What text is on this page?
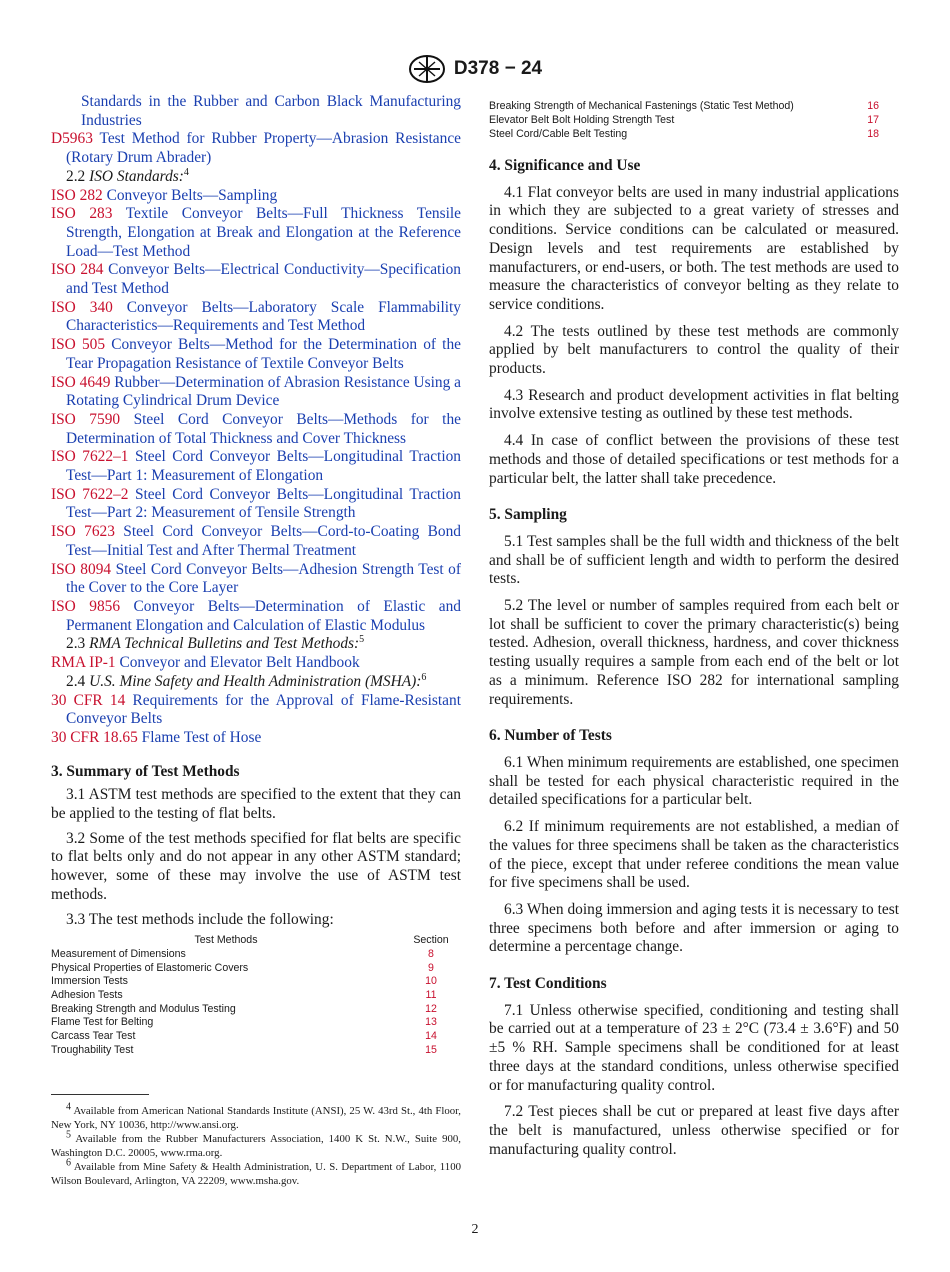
D378 − 24

Standards in the Rubber and Carbon Black Manufacturing Industries

D5963 Test Method for Rubber Property—Abrasion Resistance (Rotary Drum Abrader)

2.2 ISO Standards:$^4$

ISO 282 Conveyor Belts—Sampling

ISO 283 Textile Conveyor Belts—Full Thickness Tensile Strength, Elongation at Break and Elongation at the Reference Load—Test Method

ISO 284 Conveyor Belts—Electrical Conductivity—Specification and Test Method

ISO 340 Conveyor Belts—Laboratory Scale Flammability Characteristics—Requirements and Test Method

ISO 505 Conveyor Belts—Method for the Determination of the Tear Propagation Resistance of Textile Conveyor Belts

ISO 4649 Rubber—Determination of Abrasion Resistance Using a Rotating Cylindrical Drum Device

ISO 7590 Steel Cord Conveyor Belts—Methods for the Determination of Total Thickness and Cover Thickness

ISO 7622–1 Steel Cord Conveyor Belts—Longitudinal Traction Test—Part 1: Measurement of Elongation

ISO 7622–2 Steel Cord Conveyor Belts—Longitudinal Traction Test—Part 2: Measurement of Tensile Strength

ISO 7623 Steel Cord Conveyor Belts—Cord-to-Coating Bond Test—Initial Test and After Thermal Treatment

ISO 8094 Steel Cord Conveyor Belts—Adhesion Strength Test of the Cover to the Core Layer

ISO 9856 Conveyor Belts—Determination of Elastic and Permanent Elongation and Calculation of Elastic Modulus

2.3 RMA Technical Bulletins and Test Methods:$^5$

RMA IP-1 Conveyor and Elevator Belt Handbook

2.4 U.S. Mine Safety and Health Administration (MSHA):$^6$

30 CFR 14 Requirements for the Approval of Flame-Resistant Conveyor Belts

30 CFR 18.65 Flame Test of Hose

3. Summary of Test Methods

3.1 ASTM test methods are specified to the extent that they can be applied to the testing of flat belts.

3.2 Some of the test methods specified for flat belts are specific to flat belts only and do not appear in any other ASTM standard; however, some of these may involve the use of ASTM test methods.

3.3 The test methods include the following:

Test Methods	Section
Measurement of Dimensions	8
Physical Properties of Elastomeric Covers	9
Immersion Tests	10
Adhesion Tests	11
Breaking Strength and Modulus Testing	12
Flame Test for Belting	13
Carcass Tear Test	14
Troughability Test	15
Breaking Strength of Mechanical Fastenings (Static Test Method)	16
Elevator Belt Bolt Holding Strength Test	17
Steel Cord/Cable Belt Testing	18
4. Significance and Use

4.1 Flat conveyor belts are used in many industrial applications in which they are subjected to a great variety of stresses and conditions. Service conditions can be calculated or measured. Design levels and test requirements are established by manufacturers, or end-users, or both. The test methods are used to measure the characteristics of conveyor belting as they relate to service conditions.

4.2 The tests outlined by these test methods are commonly applied by belt manufacturers to control the quality of their products.

4.3 Research and product development activities in flat belting involve extensive testing as outlined by these test methods.

4.4 In case of conflict between the provisions of these test methods and those of detailed specifications or test methods for a particular belt, the latter shall take precedence.

5. Sampling

5.1 Test samples shall be the full width and thickness of the belt and shall be of sufficient length and width to perform the desired tests.

5.2 The level or number of samples required from each belt or lot shall be sufficient to cover the primary characteristic(s) being tested. Adhesion, overall thickness, hardness, and cover thickness testing usually requires a sample from each end of the belt or lot as a minimum. Reference ISO 282 for international sampling requirements.

6. Number of Tests

6.1 When minimum requirements are established, one specimen shall be tested for each physical characteristic required in the detailed specifications for a particular belt.

6.2 If minimum requirements are not established, a median of the values for three specimens shall be taken as the characteristics of the piece, except that under referee conditions the mean value for five specimens shall be used.

6.3 When doing immersion and aging tests it is necessary to test three specimens both before and after immersion or aging to determine a percentage change.

7. Test Conditions

7.1 Unless otherwise specified, conditioning and testing shall be carried out at a temperature of 23 ± 2°C (73.4 ± 3.6°F) and 50 ±5 % RH. Sample specimens shall be conditioned for at least three days at the standard conditions, unless otherwise specified or for manufacturing quality control.

7.2 Test pieces shall be cut or prepared at least five days after the belt is manufactured, unless otherwise specified or for manufacturing quality control.

$^4$ Available from American National Standards Institute (ANSI), 25 W. 43rd St., 4th Floor, New York, NY 10036, http://www.ansi.org.

$^5$ Available from the Rubber Manufacturers Association, 1400 K St. N.W., Suite 900, Washington D.C. 20005, www.rma.org.

$^6$ Available from Mine Safety & Health Administration, U. S. Department of Labor, 1100 Wilson Boulevard, Arlington, VA 22209, www.msha.gov.

2
